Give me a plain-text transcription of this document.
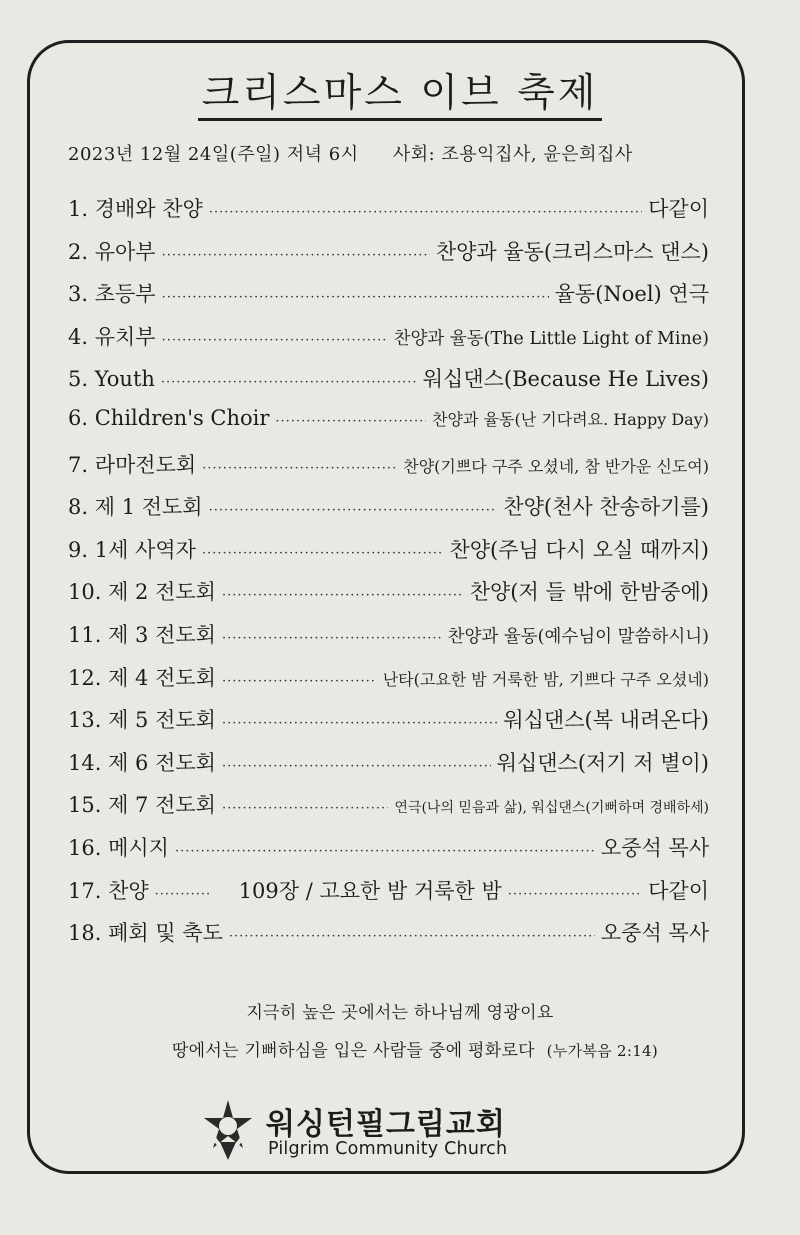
크리스마스 이브 축제
2023년 12월 24일(주일) 저녁 6시 사회: 조용익집사, 윤은희집사
1. 경배와 찬양 ·····	다같이
2. 유아부 ·····	찬양과 율동(크리스마스 댄스)
3. 초등부 ·····	율동(Noel) 연극
4. 유치부 ·····	찬양과 율동(The Little Light of Mine)
5. Youth ·····	워십댄스(Because He Lives)
6. Children's Choir ·····	찬양과 율동(난 기다려요. Happy Day)
7. 라마전도회 ·····	찬양(기쁘다 구주 오셨네, 참 반가운 신도여)
8. 제 1 전도회 ·····	찬양(천사 찬송하기를)
9. 1세 사역자 ·····	찬양(주님 다시 오실 때까지)
10. 제 2 전도회 ·····	찬양(저 들 밖에 한밤중에)
11. 제 3 전도회 ·····	찬양과 율동(예수님이 말씀하시니)
12. 제 4 전도회 ·····	난타(고요한 밤 거룩한 밤, 기쁘다 구주 오셨네)
13. 제 5 전도회 ·····	워십댄스(복 내려온다)
14. 제 6 전도회 ·····	워십댄스(저기 저 별이)
15. 제 7 전도회 ·····	연극(나의 믿음과 삶), 워십댄스(기뻐하며 경배하세)
16. 메시지 ·····	오중석 목사
17. 찬양 ·····	109장 / 고요한 밤 거룩한 밤 ·····	다같이
18. 폐회 및 축도 ·····	오중석 목사
지극히 높은 곳에서는 하나님께 영광이요
땅에서는 기뻐하심을 입은 사람들 중에 평화로다 (누가복음 2:14)
워싱턴필그림교회
Pilgrim Community Church
